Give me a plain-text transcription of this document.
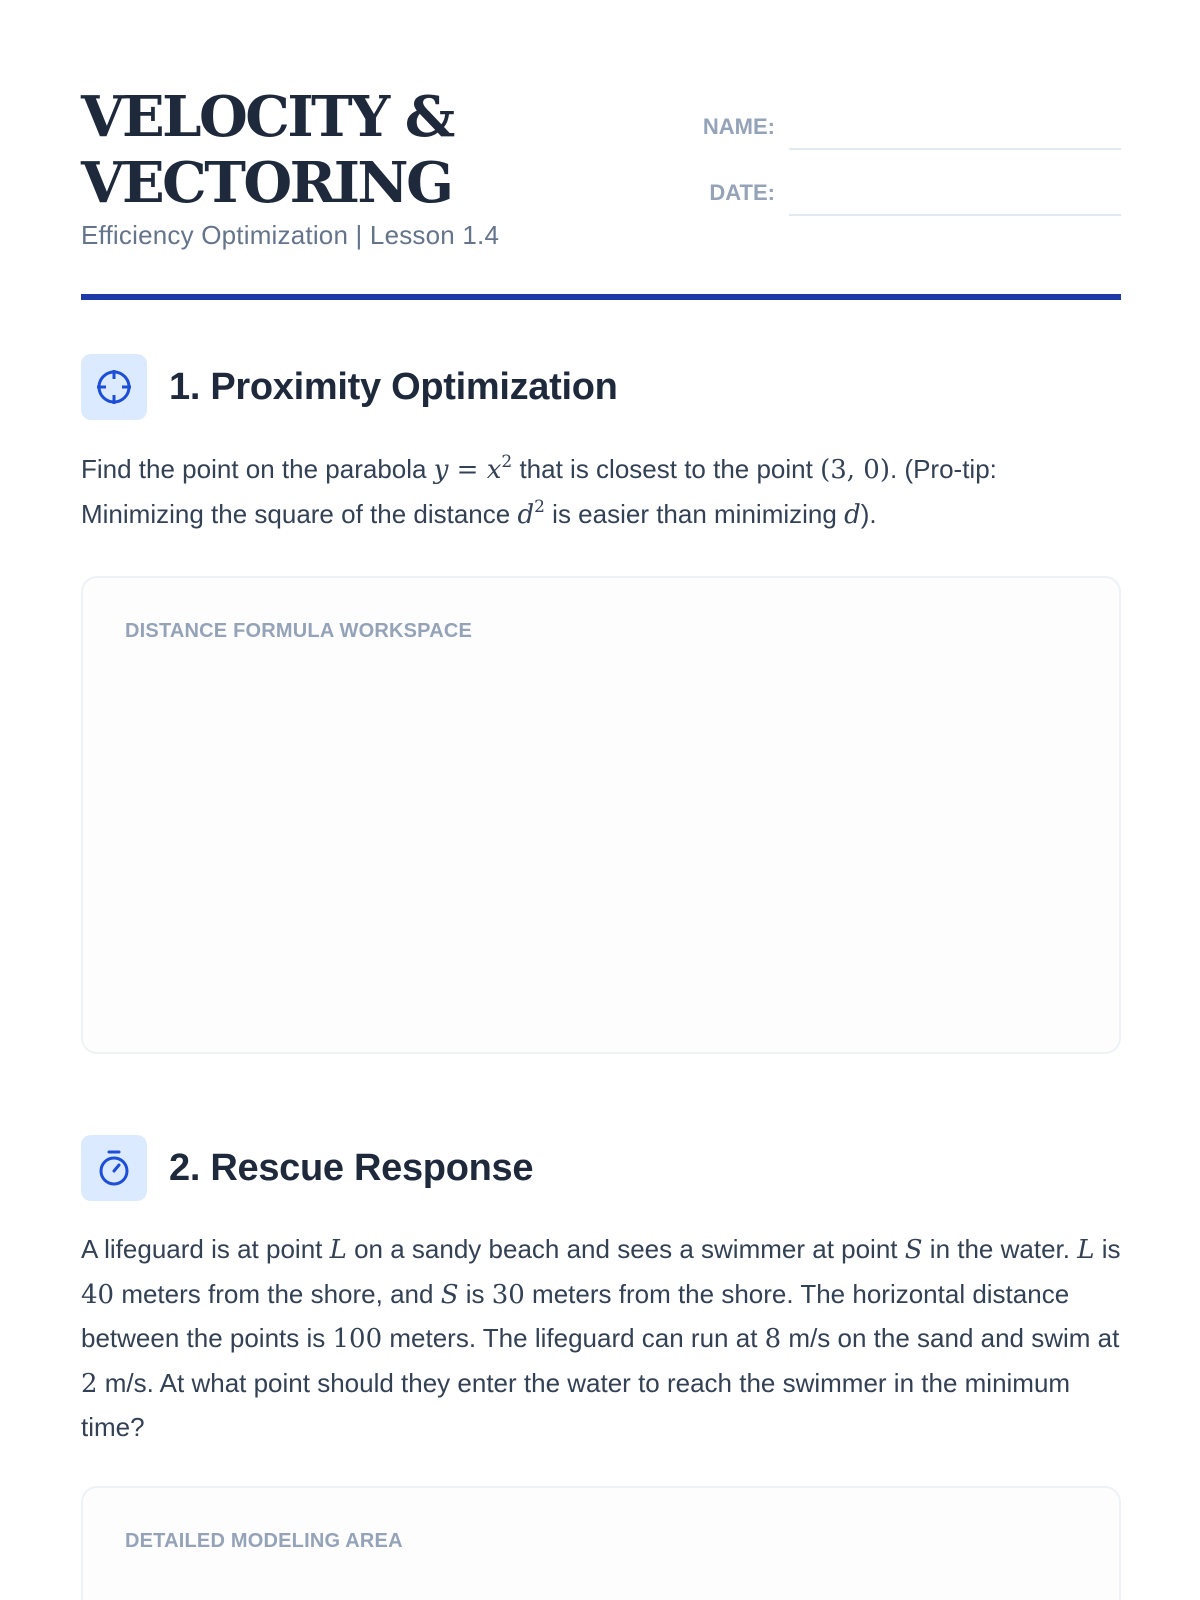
VELOCITY &
VECTORING
Efficiency Optimization | Lesson 1.4
NAME:
DATE:
1. Proximity Optimization
Find the point on the parabola $y = x^2$ that is closest to the point (3, 0). (Pro-tip: Minimizing the square of the distance $d^2$ is easier than minimizing d).
DISTANCE FORMULA WORKSPACE
2. Rescue Response
A lifeguard is at point L on a sandy beach and sees a swimmer at point S in the water. L is 40 meters from the shore, and S is 30 meters from the shore. The horizontal distance between the points is 100 meters. The lifeguard can run at 8 m/s on the sand and swim at 2 m/s. At what point should they enter the water to reach the swimmer in the minimum time?
DETAILED MODELING AREA
